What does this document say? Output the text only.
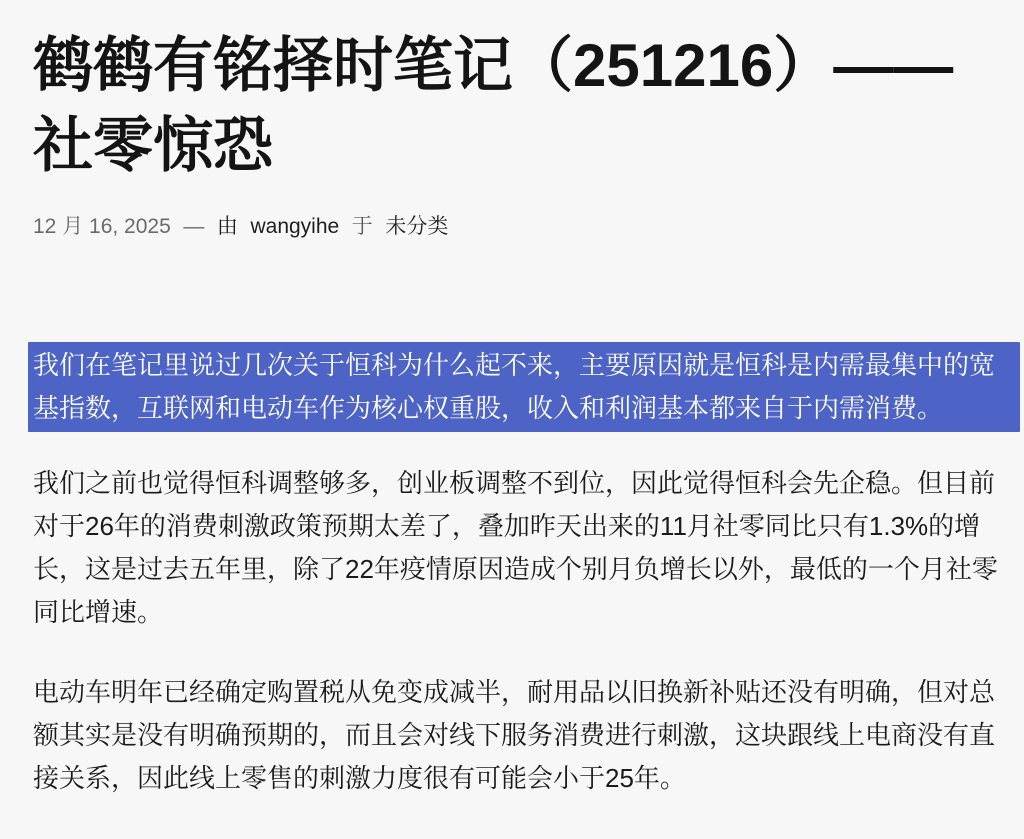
鹤鹤有铭择时笔记（251216）——
社零惊恐

12 月 16, 2025 — 由 wangyihe 于 未分类

我们在笔记里说过几次关于恒科为什么起不来，主要原因就是恒科是内需最集中的宽基指数，互联网和电动车作为核心权重股，收入和利润基本都来自于内需消费。

我们之前也觉得恒科调整够多，创业板调整不到位，因此觉得恒科会先企稳。但目前对于26年的消费刺激政策预期太差了，叠加昨天出来的11月社零同比只有1.3%的增长，这是过去五年里，除了22年疫情原因造成个别月负增长以外，最低的一个月社零同比增速。

电动车明年已经确定购置税从免变成减半，耐用品以旧换新补贴还没有明确，但对总额其实是没有明确预期的，而且会对线下服务消费进行刺激，这块跟线上电商没有直接关系，因此线上零售的刺激力度很有可能会小于25年。
